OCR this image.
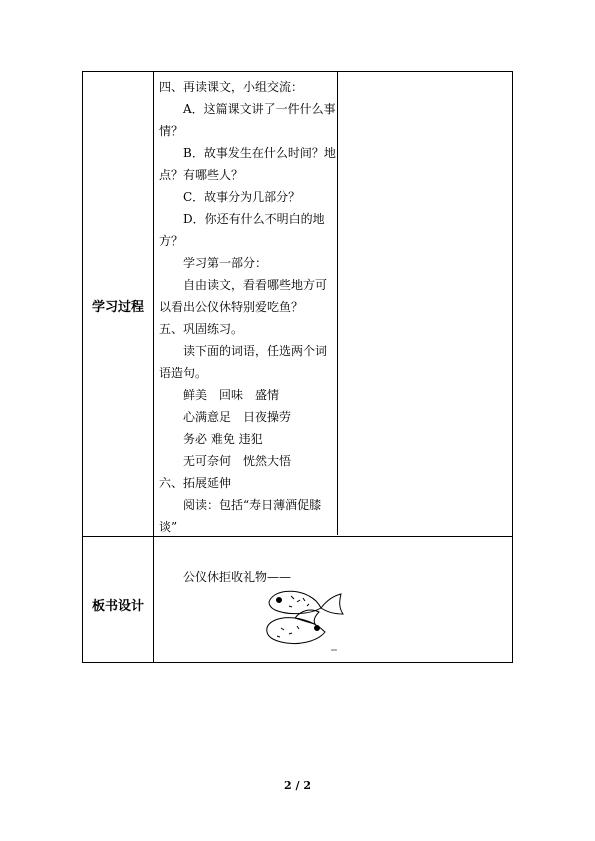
学习过程
板书设计
四、再读课文，小组交流：
A．这篇课文讲了一件什么事
情？
B．故事发生在什么时间？地
点？有哪些人？
C．故事分为几部分？
D．你还有什么不明白的地
方？
学习第一部分：
自由读文，看看哪些地方可
以看出公仪休特别爱吃鱼？
五、巩固练习。
读下面的词语，任选两个词
语造句。
鲜美　回味　盛情
心满意足　日夜操劳
务必 难免 违犯
无可奈何　恍然大悟
六、拓展延伸
阅读：包括“寿日薄酒促膝
谈”
公仪休拒收礼物——
2 / 2
